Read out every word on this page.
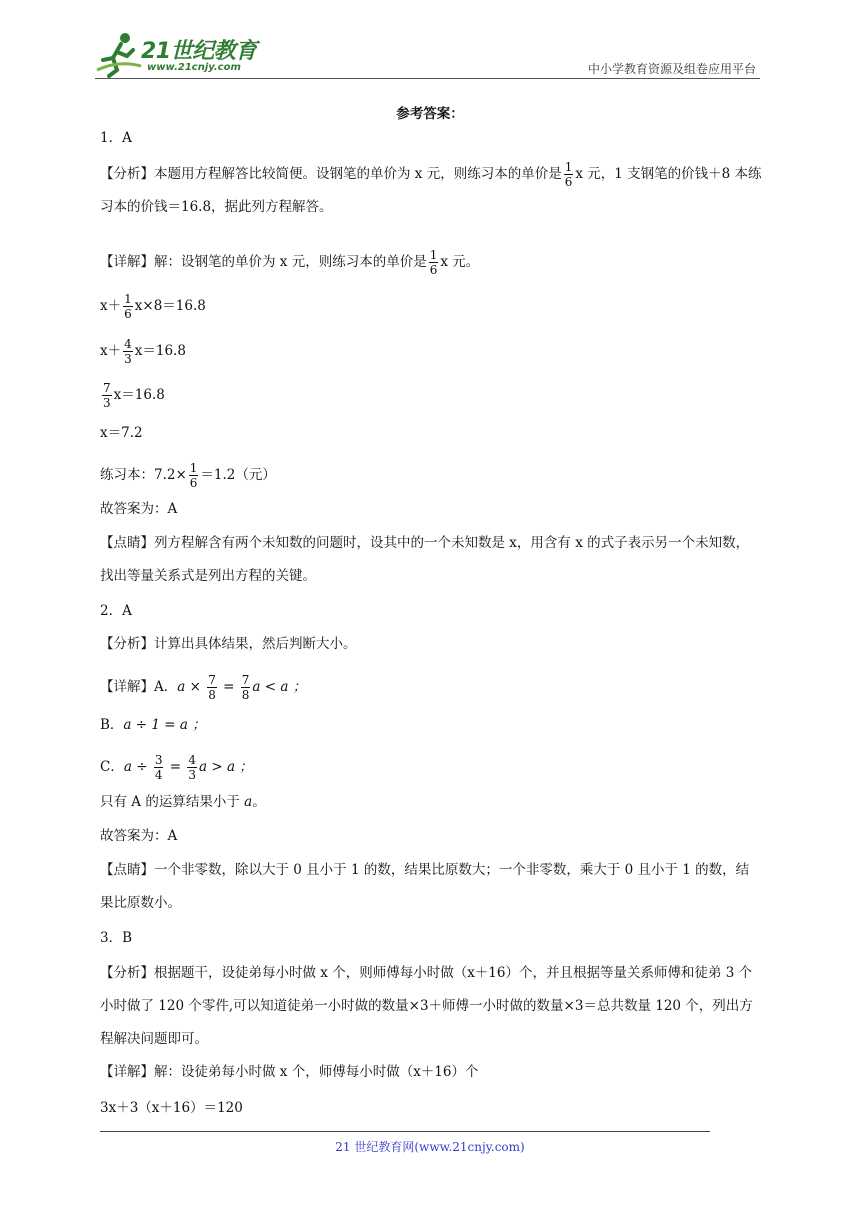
21世纪教育
www.21cnjy.com	中小学教育资源及组卷应用平台
参考答案：
1．A
【分析】本题用方程解答比较简便。设钢笔的单价为 x 元，则练习本的单价是 $\frac{1}{6}$ x 元，1 支钢笔的价钱＋8 本练习本的价钱＝16.8，据此列方程解答。
【详解】解：设钢笔的单价为 x 元，则练习本的单价是 $\frac{1}{6}$ x 元。
$x+ \frac{1}{6} x\times 8=16.8$
$x+ \frac{4}{3} x=16.8$
$\frac{7}{3} x=16.8$
x＝7.2
练习本：$7.2\times \frac{1}{6} =1.2$（元）
故答案为：A
【点睛】列方程解含有两个未知数的问题时，设其中的一个未知数是 x，用含有 x 的式子表示另一个未知数，找出等量关系式是列出方程的关键。
2．A
【分析】计算出具体结果，然后判断大小。
【详解】A．$a \times \frac{7}{8} = \frac{7}{8}$ a < a ；
B．a ÷ 1 = a ；
C．$a \div \frac{3}{4} = \frac{4}{3}$ a > a ；
只有 A 的运算结果小于 a。
故答案为：A
【点睛】一个非零数，除以大于 0 且小于 1 的数，结果比原数大；一个非零数，乘大于 0 且小于 1 的数，结果比原数小。
3．B
【分析】根据题干，设徒弟每小时做 x 个，则师傅每小时做（x＋16）个，并且根据等量关系师傅和徒弟 3 个小时做了 120 个零件,可以知道徒弟一小时做的数量×3＋师傅一小时做的数量×3＝总共数量 120 个，列出方程解决问题即可。
【详解】解：设徒弟每小时做 x 个，师傅每小时做（x＋16）个
3x＋3（x＋16）＝120
21 世纪教育网(www.21cnjy.com)
